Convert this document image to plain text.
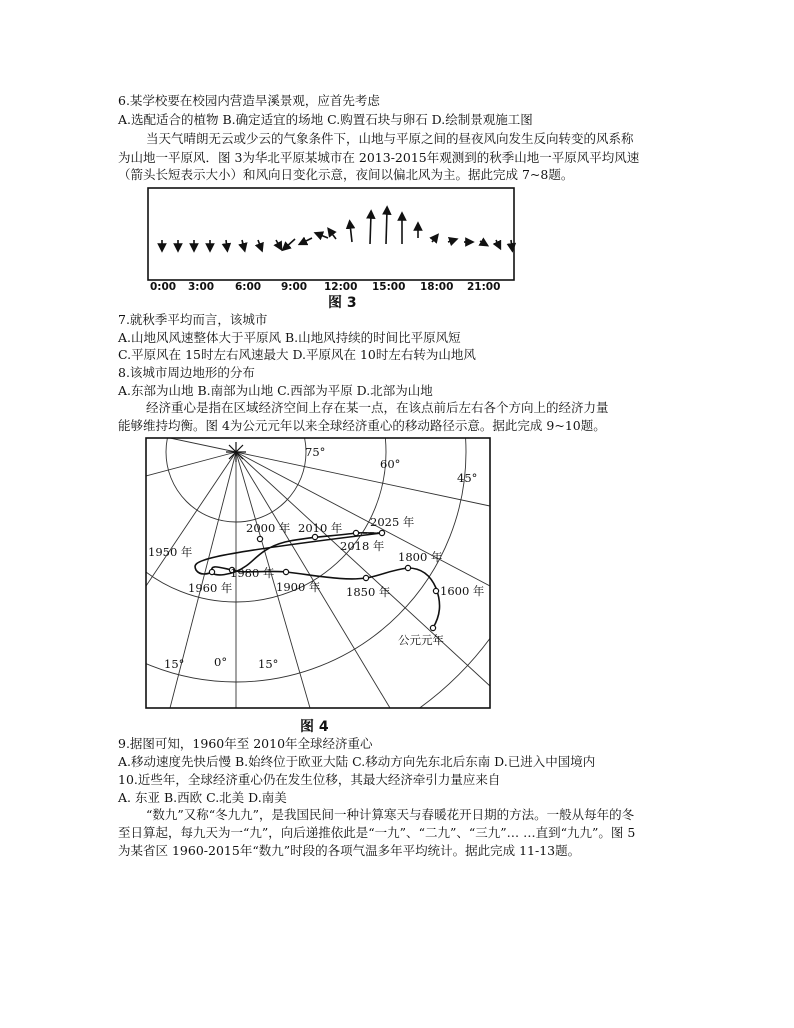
6.某学校要在校园内营造旱溪景观，应首先考虑
A.选配适合的植物 B.确定适宜的场地 C.购置石块与卵石 D.绘制景观施工图
当天气晴朗无云或少云的气象条件下，山地与平原之间的昼夜风向发生反向转变的风系称
为山地一平原风．图 3为华北平原某城市在 2013-2015年观测到的秋季山地一平原风平均风速
（箭头长短表示大小）和风向日变化示意，夜间以偏北风为主。据此完成 7~8题。
0:00 3:00 6:00 9:00 12:00 15:00 18:00 21:00
图 3
7.就秋季平均而言，该城市
A.山地风风速整体大于平原风 B.山地风持续的时间比平原风短
C.平原风在 15时左右风速最大 D.平原风在 10时左右转为山地风
8.该城市周边地形的分布
A.东部为山地 B.南部为山地 C.西部为平原 D.北部为山地
经济重心是指在区域经济空间上存在某一点，在该点前后左右各个方向上的经济力量
能够维持均衡。图 4为公元元年以来全球经济重心的移动路径示意。据此完成 9~10题。
75°
60°
45°
15°	0°	15°
2000 年 2010 年 2025 年
2018 年
1950 年
1980 年
1960 年	1900 年 1850 年
1800 年
1600 年
公元元年
图 4
9.据图可知，1960年至 2010年全球经济重心
A.移动速度先快后慢 B.始终位于欧亚大陆 C.移动方向先东北后东南 D.已进入中国境内
10.近些年，全球经济重心仍在发生位移，其最大经济牵引力量应来自
A. 东亚 B.西欧 C.北美 D.南美
“数九”又称“冬九九”，是我国民间一种计算寒天与春暖花开日期的方法。一般从每年的冬
至日算起，每九天为一“九”，向后递推依此是“一九”、“二九”、“三九”… …直到“九九”。图 5
为某省区 1960-2015年“数九”时段的各项气温多年平均统计。据此完成 11-13题。
